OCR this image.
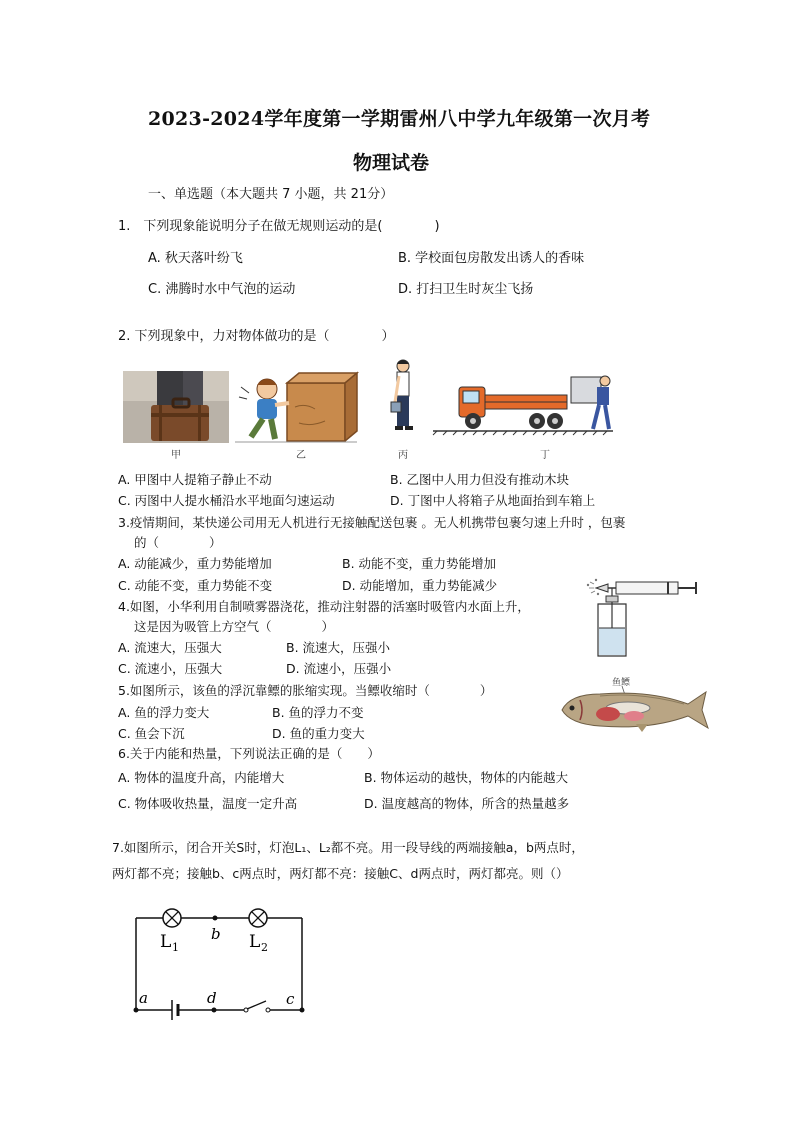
2023-2024学年度第一学期雷州八中学九年级第一次月考
物理试卷
一、单选题（本大题共 7 小题，共 21分）
1.　下列现象能说明分子在做无规则运动的是(　　　　)
A. 秋天落叶纷飞	B. 学校面包房散发出诱人的香味
C. 沸腾时水中气泡的运动	D. 打扫卫生时灰尘飞扬
2. 下列现象中，力对物体做功的是（　　　　）
甲	乙	丙	丁
A. 甲图中人提箱子静止不动	B. 乙图中人用力但没有推动木块
C. 丙图中人提水桶沿水平地面匀速运动	D. 丁图中人将箱子从地面抬到车箱上
3.疫情期间，某快递公司用无人机进行无接触配送包裹 。无人机携带包裹匀速上升时 ，包裹
的（　　　　）
A. 动能减少，重力势能增加	B. 动能不变，重力势能增加
C. 动能不变，重力势能不变	D. 动能增加，重力势能减少
4.如图，小华利用自制喷雾器浇花，推动注射器的活塞时吸管内水面上升，
这是因为吸管上方空气（　　　　）
A. 流速大，压强大	B. 流速大，压强小
C. 流速小，压强大	D. 流速小，压强小
5.如图所示，该鱼的浮沉靠鳔的胀缩实现。当鳔收缩时（　　　　）	鱼鳔
A. 鱼的浮力变大	B. 鱼的浮力不变
C. 鱼会下沉	D. 鱼的重力变大
6.关于内能和热量，下列说法正确的是（　　）
A. 物体的温度升高，内能增大	B. 物体运动的越快，物体的内能越大
C. 物体吸收热量，温度一定升高	D. 温度越高的物体，所含的热量越多
7.如图所示，闭合开关S时，灯泡L₁、L₂都不亮。用一段导线的两端接触a，b两点时，
两灯都不亮；接触b、c两点时，两灯都不亮：接触C、d两点时，两灯都亮。则（）
L 1	L 2
b
a	d	c
